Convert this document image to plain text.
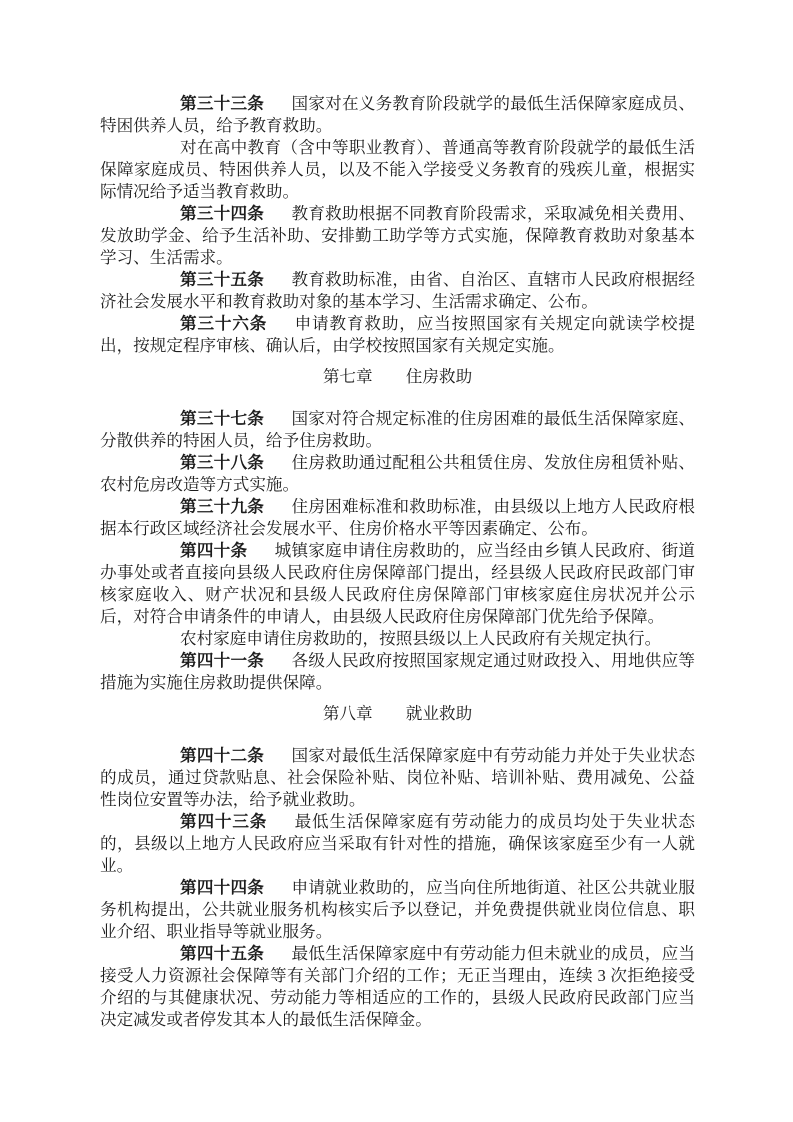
第三十三条 国家对在义务教育阶段就学的最低生活保障家庭成员、特困供养人员，给予教育救助。

对在高中教育（含中等职业教育）、普通高等教育阶段就学的最低生活保障家庭成员、特困供养人员，以及不能入学接受义务教育的残疾儿童，根据实际情况给予适当教育救助。

第三十四条 教育救助根据不同教育阶段需求，采取减免相关费用、发放助学金、给予生活补助、安排勤工助学等方式实施，保障教育救助对象基本学习、生活需求。

第三十五条 教育救助标准，由省、自治区、直辖市人民政府根据经济社会发展水平和教育救助对象的基本学习、生活需求确定、公布。

第三十六条 申请教育救助，应当按照国家有关规定向就读学校提出，按规定程序审核、确认后，由学校按照国家有关规定实施。

第七章 住房救助

第三十七条 国家对符合规定标准的住房困难的最低生活保障家庭、分散供养的特困人员，给予住房救助。

第三十八条 住房救助通过配租公共租赁住房、发放住房租赁补贴、农村危房改造等方式实施。

第三十九条 住房困难标准和救助标准，由县级以上地方人民政府根据本行政区域经济社会发展水平、住房价格水平等因素确定、公布。

第四十条 城镇家庭申请住房救助的，应当经由乡镇人民政府、街道办事处或者直接向县级人民政府住房保障部门提出，经县级人民政府民政部门审核家庭收入、财产状况和县级人民政府住房保障部门审核家庭住房状况并公示后，对符合申请条件的申请人，由县级人民政府住房保障部门优先给予保障。

农村家庭申请住房救助的，按照县级以上人民政府有关规定执行。

第四十一条 各级人民政府按照国家规定通过财政投入、用地供应等措施为实施住房救助提供保障。

第八章 就业救助

第四十二条 国家对最低生活保障家庭中有劳动能力并处于失业状态的成员，通过贷款贴息、社会保险补贴、岗位补贴、培训补贴、费用减免、公益性岗位安置等办法，给予就业救助。

第四十三条 最低生活保障家庭有劳动能力的成员均处于失业状态的，县级以上地方人民政府应当采取有针对性的措施，确保该家庭至少有一人就业。

第四十四条 申请就业救助的，应当向住所地街道、社区公共就业服务机构提出，公共就业服务机构核实后予以登记，并免费提供就业岗位信息、职业介绍、职业指导等就业服务。

第四十五条 最低生活保障家庭中有劳动能力但未就业的成员，应当接受人力资源社会保障等有关部门介绍的工作；无正当理由，连续 3 次拒绝接受介绍的与其健康状况、劳动能力等相适应的工作的，县级人民政府民政部门应当决定减发或者停发其本人的最低生活保障金。
